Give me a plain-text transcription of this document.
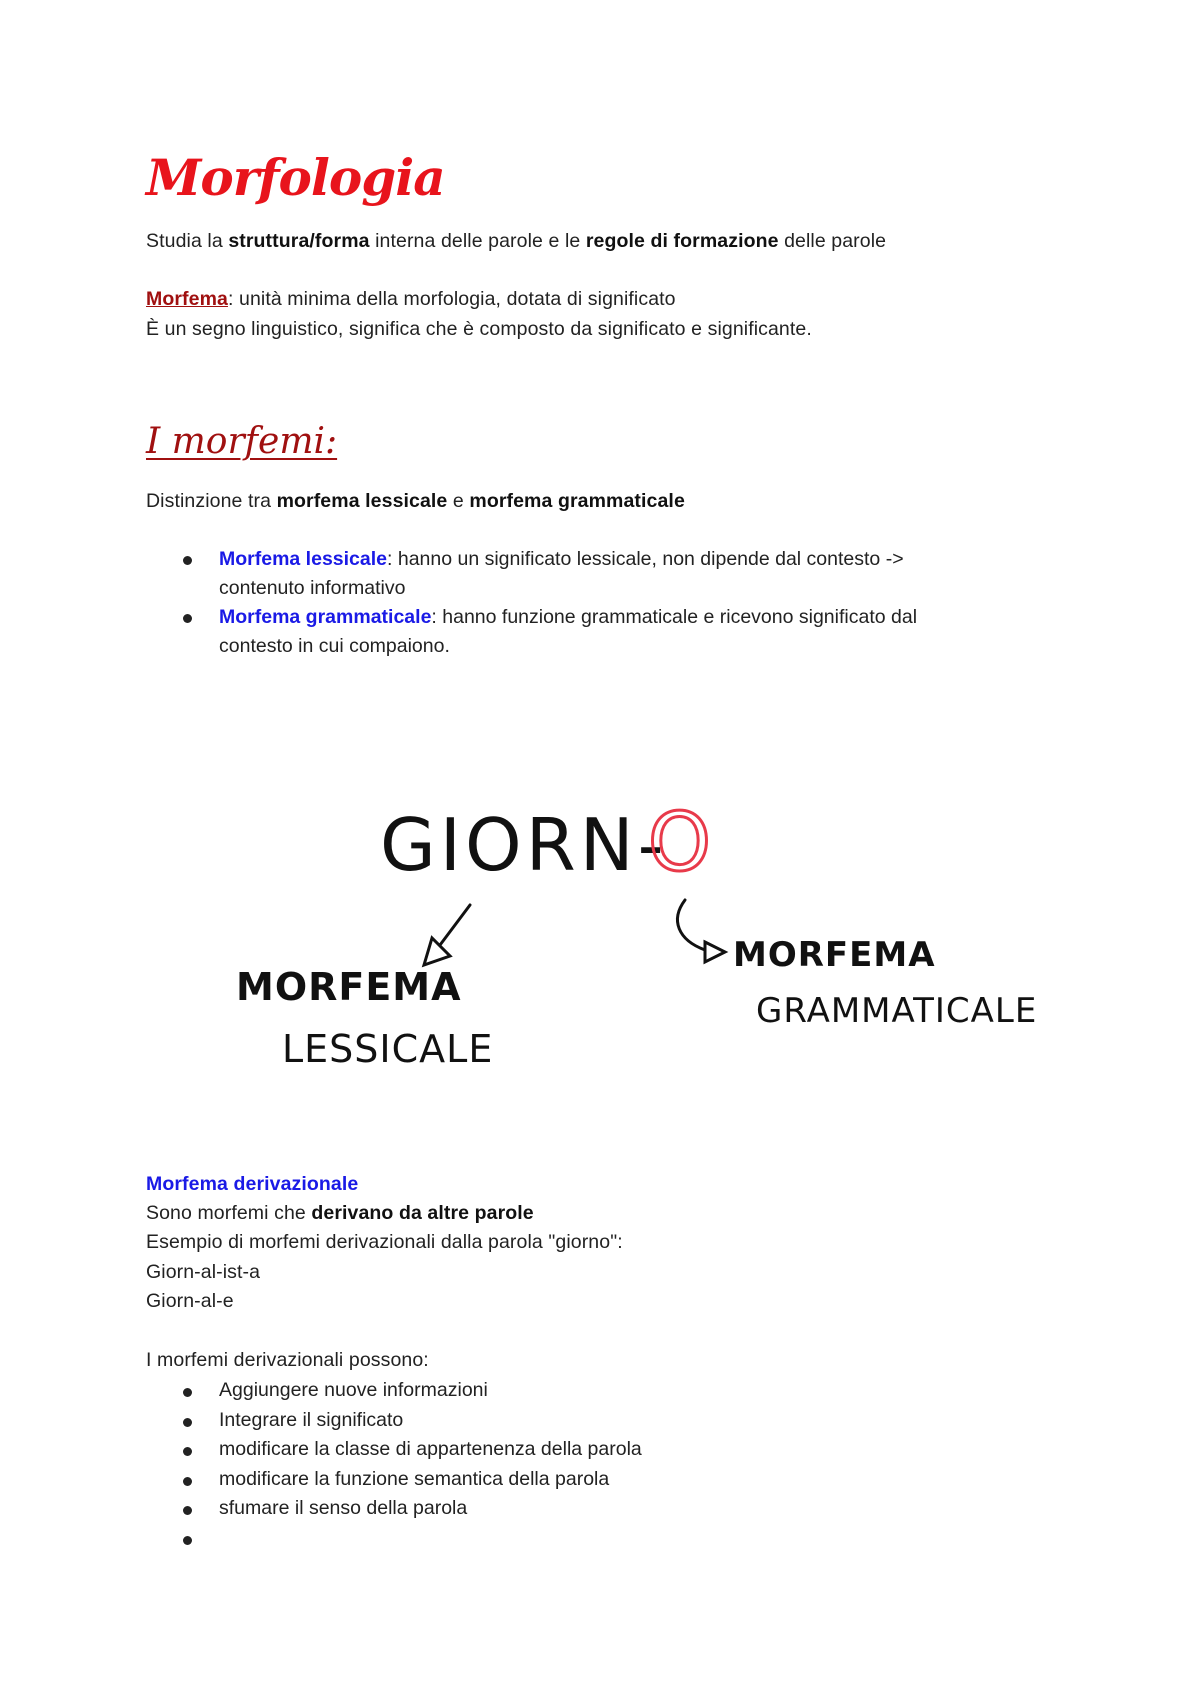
Morfologia
Studia la struttura/forma interna delle parole e le regole di formazione delle parole
Morfema: unità minima della morfologia, dotata di significato
È un segno linguistico, significa che è composto da significato e significante.
I morfemi:
Distinzione tra morfema lessicale e morfema grammaticale
Morfema lessicale: hanno un significato lessicale, non dipende dal contesto ->
contenuto informativo
Morfema grammaticale: hanno funzione grammaticale e ricevono significato dal
contesto in cui compaiono.
GIORN-
O
MORFEMA
LESSICALE
MORFEMA
GRAMMATICALE
Morfema derivazionale
Sono morfemi che derivano da altre parole
Esempio di morfemi derivazionali dalla parola "giorno":
Giorn-al-ist-a
Giorn-al-e
I morfemi derivazionali possono:
Aggiungere nuove informazioni
Integrare il significato
modificare la classe di appartenenza della parola
modificare la funzione semantica della parola
sfumare il senso della parola
